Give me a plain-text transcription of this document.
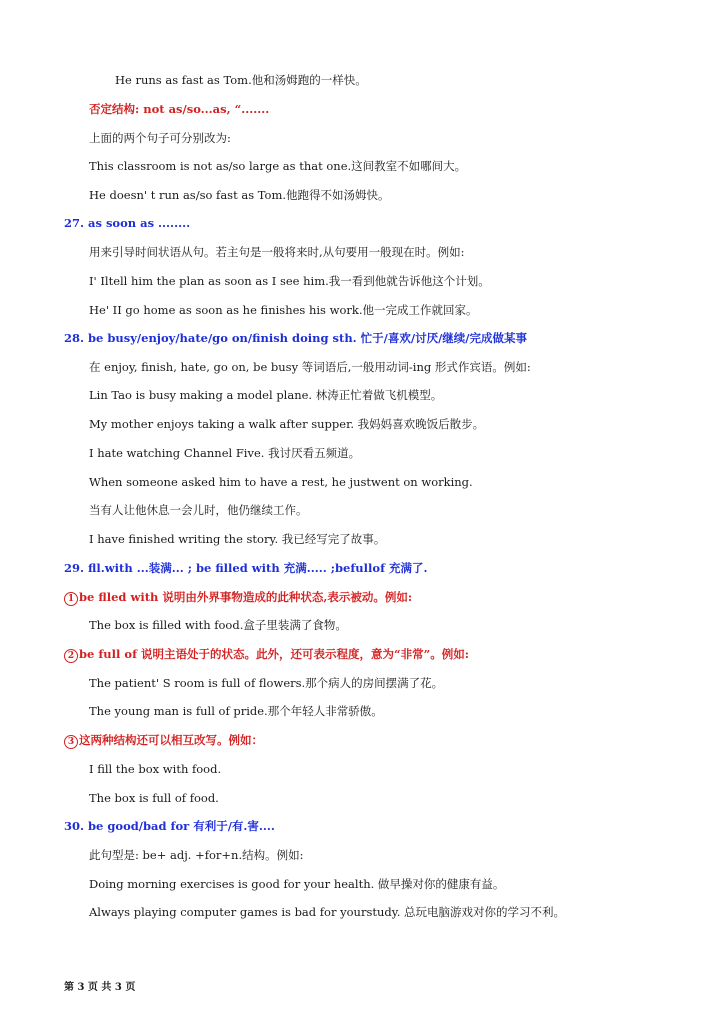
He runs as fast as Tom.他和汤姆跑的一样快。
否定结构: not as/so...as, “.......
上面的两个句子可分别改为:
This classroom is not as/so large as that one.这间教室不如哪间大。
He doesn' t run as/so fast as Tom.他跑得不如汤姆快。
27. as soon as ........
用来引导时间状语从句。若主句是一般将来时,从句要用一般现在时。例如:
I' Iltell him the plan as soon as I see him.我一看到他就告诉他这个计划。
He' II go home as soon as he finishes his work.他一完成工作就回家。
28. be busy/enjoy/hate/go on/finish doing sth. 忙于/喜欢/讨厌/继续/完成做某事
在 enjoy, finish, hate, go on, be busy 等词语后,一般用动词-ing 形式作宾语。例如:
Lin Tao is busy making a model plane. 林涛正忙着做飞机模型。
My mother enjoys taking a walk after supper. 我妈妈喜欢晚饭后散步。
I hate watching Channel Five. 我讨厌看五频道。
When someone asked him to have a rest, he justwent on working.
当有人让他休息一会儿时，他仍继续工作。
I have finished writing the story. 我已经写完了故事。
29. fll.with ...装满... ; be filled with 充满..... ;befullof 充满了.
1 be flled with 说明由外界事物造成的此种状态,表示被动。例如:
The box is filled with food.盒子里装满了食物。
2 be full of 说明主语处于的状态。此外，还可表示程度，意为“非常”。例如:
The patient' S room is full of flowers.那个病人的房间摆满了花。
The young man is full of pride.那个年轻人非常骄傲。
3 这两种结构还可以相互改写。例如：
I fill the box with food.
The box is full of food.
30. be good/bad for 有利于/有.害....
此句型是: be+ adj. +for+n.结构。例如:
Doing morning exercises is good for your health. 做早操对你的健康有益。
Always playing computer games is bad for yourstudy. 总玩电脑游戏对你的学习不利。
第 3 页 共 3 页
